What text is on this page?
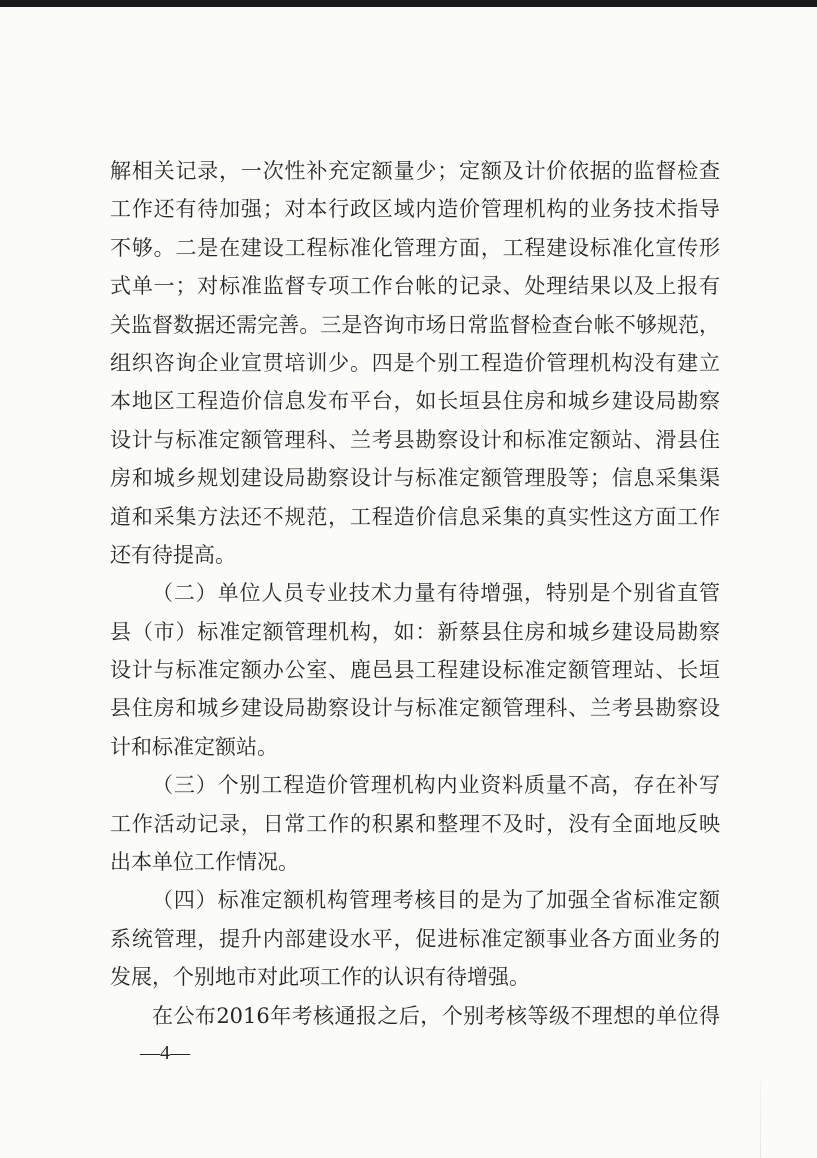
解相关记录，一次性补充定额量少；定额及计价依据的监督检查
工作还有待加强；对本行政区域内造价管理机构的业务技术指导
不够。二是在建设工程标准化管理方面，工程建设标准化宣传形
式单一；对标准监督专项工作台帐的记录、处理结果以及上报有
关监督数据还需完善。三是咨询市场日常监督检查台帐不够规范，
组织咨询企业宣贯培训少。四是个别工程造价管理机构没有建立
本地区工程造价信息发布平台，如长垣县住房和城乡建设局勘察
设计与标准定额管理科、兰考县勘察设计和标准定额站、滑县住
房和城乡规划建设局勘察设计与标准定额管理股等；信息采集渠
道和采集方法还不规范，工程造价信息采集的真实性这方面工作
还有待提高。
（二）单位人员专业技术力量有待增强，特别是个别省直管
县（市）标准定额管理机构，如：新蔡县住房和城乡建设局勘察
设计与标准定额办公室、鹿邑县工程建设标准定额管理站、长垣
县住房和城乡建设局勘察设计与标准定额管理科、兰考县勘察设
计和标准定额站。
（三）个别工程造价管理机构内业资料质量不高，存在补写
工作活动记录，日常工作的积累和整理不及时，没有全面地反映
出本单位工作情况。
（四）标准定额机构管理考核目的是为了加强全省标准定额
系统管理，提升内部建设水平，促进标准定额事业各方面业务的
发展，个别地市对此项工作的认识有待增强。
在公布2016年考核通报之后，个别考核等级不理想的单位得
—4—
